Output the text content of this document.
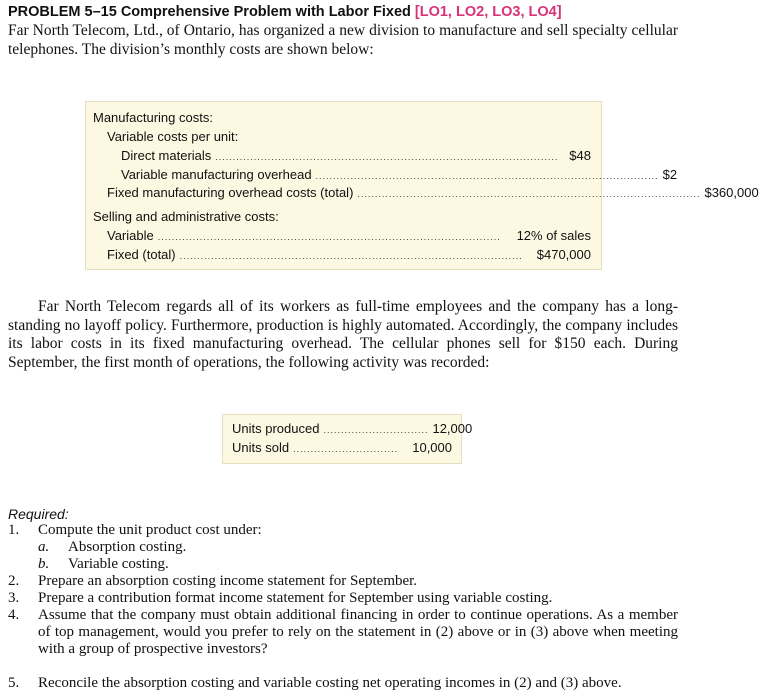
PROBLEM 5–15 Comprehensive Problem with Labor Fixed [LO1, LO2, LO3, LO4]
Far North Telecom, Ltd., of Ontario, has organized a new division to manufacture and sell specialty cellular telephones. The division’s monthly costs are shown below:
Manufacturing costs:
Variable costs per unit:
Direct materials .................................................................................................. $48
Variable manufacturing overhead .................................................................................................. $2
Fixed manufacturing overhead costs (total) .................................................................................................. $360,000
Selling and administrative costs:
Variable ..................................................................................................	12% of sales
Fixed (total) ..................................................................................................	$470,000
Far North Telecom regards all of its workers as full-time employees and the company has a long-standing no layoff policy. Furthermore, production is highly automated. Accordingly, the company includes its labor costs in its fixed manufacturing overhead. The cellular phones sell for $150 each. During September, the first month of operations, the following activity was recorded:
Units produced .............................. 12,000
Units sold ..............................	10,000
Required:
1.	Compute the unit product cost under:
a.	Absorption costing.
b.	Variable costing.
2.	Prepare an absorption costing income statement for September.
3.	Prepare a contribution format income statement for September using variable costing.
4.	Assume that the company must obtain additional financing in order to continue operations. As a member of top management, would you prefer to rely on the statement in (2) above or in (3) above when meeting with a group of prospective investors?
5.	Reconcile the absorption costing and variable costing net operating incomes in (2) and (3) above.
